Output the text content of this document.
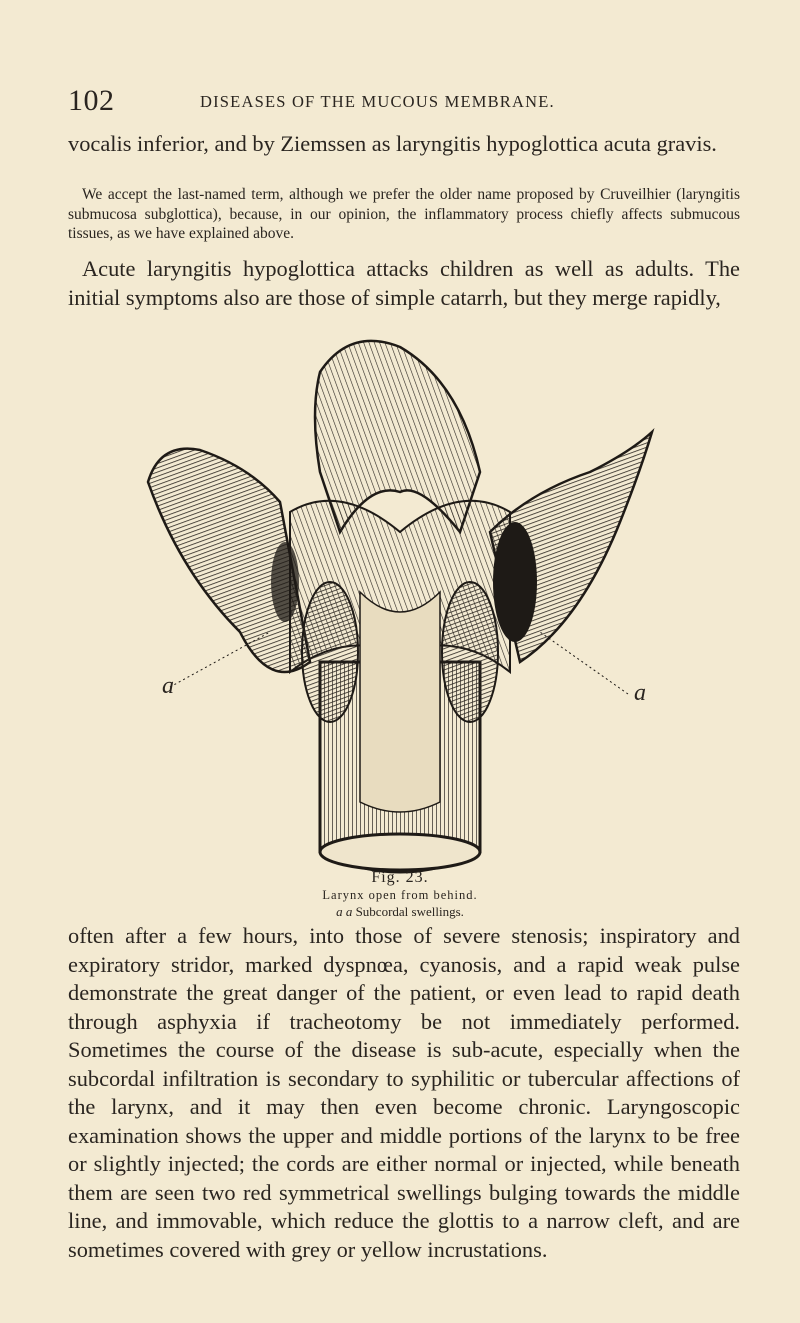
102	DISEASES OF THE MUCOUS MEMBRANE.

vocalis inferior, and by Ziemssen as laryngitis hypoglottica acuta gravis.

We accept the last-named term, although we prefer the older name proposed by Cruveilhier (laryngitis submucosa subglottica), because, in our opinion, the inflammatory process chiefly affects submucous tissues, as we have explained above.

Acute laryngitis hypoglottica attacks children as well as adults. The initial symptoms also are those of simple catarrh, but they merge rapidly,

a	a
Fig. 23.
Larynx open from behind.
a a Subcordal swellings.

often after a few hours, into those of severe stenosis; inspiratory and expiratory stridor, marked dyspnœa, cyanosis, and a rapid weak pulse demonstrate the great danger of the patient, or even lead to rapid death through asphyxia if tracheotomy be not immediately performed. Sometimes the course of the disease is sub-acute, especially when the subcordal infiltration is secondary to syphilitic or tubercular affections of the larynx, and it may then even become chronic. Laryngoscopic examination shows the upper and middle portions of the larynx to be free or slightly injected; the cords are either normal or injected, while beneath them are seen two red symmetrical swellings bulging towards the middle line, and immovable, which reduce the glottis to a narrow cleft, and are sometimes covered with grey or yellow incrustations.
